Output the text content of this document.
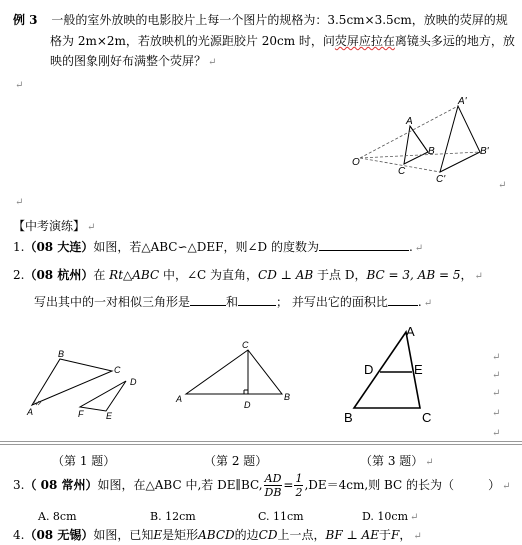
例 3 一般的室外放映的电影胶片上每一个图片的规格为：3.5cm×3.5cm，放映的荧屏的规
格为 2m×2m，若放映机的光源距胶片 20cm 时，问荧屏应拉在离镜头多远的地方，放
映的图象刚好布满整个荧屏？ ↵
↵
A'
A
O
B	B'
C
C'
↵
↵
【中考演练】 ↵
1.（08 大连）如图，若△ABC∽△DEF，则∠D 的度数为	. ↵
2.（08 杭州）在 Rt△ABC 中，∠C 为直角，CD ⊥ AB 于点 D，BC = 3, AB = 5， ↵
写出其中的一对相似三角形是	和	； 并写出它的面积比	. ↵
B
C
A
D
F	E
C
A
D
B
A
D	E
B	C
↵
↵
↵
↵
↵
（第 1 题）	（第 2 题）	（第 3 题） ↵
3.（ 08 常州）如图，在△ABC 中,若 DE∥BC, $\frac{AD}{DB} = \frac{1}{2} ,DE=4cm$,则 BC 的长为（	） ↵
A. 8cm	B. 12cm	C. 11cm	D. 10cm ↵
4.（08 无锡）如图，已知E是矩形ABCD的边CD上一点，BF ⊥ AE于F， ↵
